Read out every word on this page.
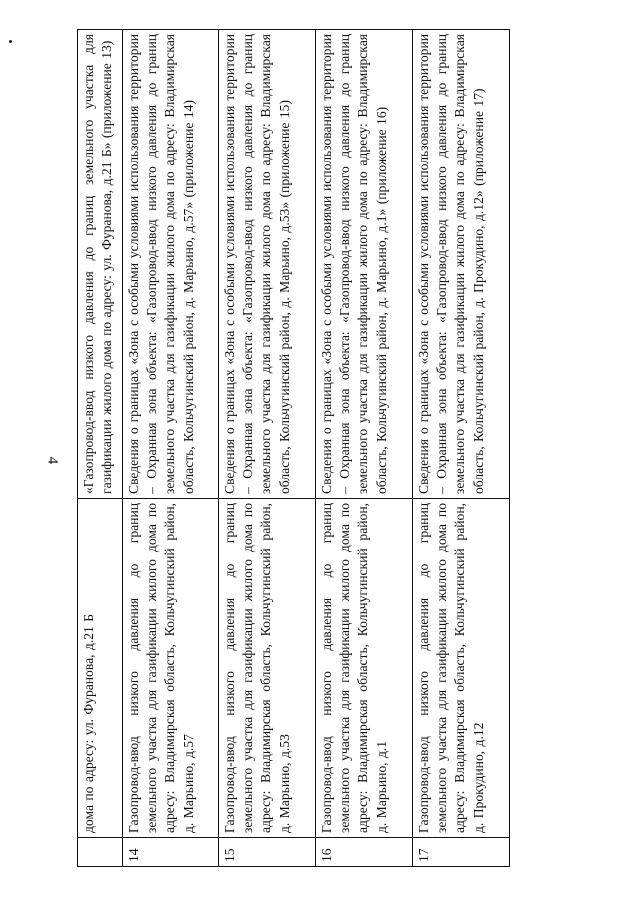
4
	дома по адресу: ул. Фуранова, д.21 Б	«Газопровод-ввод низкого давления до границ земельного участка для газификации жилого дома по адресу: ул. Фуранова, д.21 Б» (приложение 13)
14	Газопровод-ввод низкого давления до границ земельного участка для газификации жилого дома по адресу: Владимирская область, Кольчугинский район, д. Марьино, д.57	Сведения о границах «Зона с особыми условиями использования территории – Охранная зона объекта: «Газопровод-ввод низкого давления до границ земельного участка для газификации жилого дома по адресу: Владимирская область, Кольчугинский район, д. Марьино, д.57» (приложение 14)
15	Газопровод-ввод низкого давления до границ земельного участка для газификации жилого дома по адресу: Владимирская область, Кольчугинский район, д. Марьино, д.53	Сведения о границах «Зона с особыми условиями использования территории – Охранная зона объекта: «Газопровод-ввод низкого давления до границ земельного участка для газификации жилого дома по адресу: Владимирская область, Кольчугинский район, д. Марьино, д.53» (приложение 15)
16	Газопровод-ввод низкого давления до границ земельного участка для газификации жилого дома по адресу: Владимирская область, Кольчугинский район, д. Марьино, д.1	Сведения о границах «Зона с особыми условиями использования территории – Охранная зона объекта: «Газопровод-ввод низкого давления до границ земельного участка для газификации жилого дома по адресу: Владимирская область, Кольчугинский район, д. Марьино, д.1» (приложение 16)
17	Газопровод-ввод низкого давления до границ земельного участка для газификации жилого дома по адресу: Владимирская область, Кольчугинский район, д. Прокудино, д.12	Сведения о границах «Зона с особыми условиями использования территории – Охранная зона объекта: «Газопровод-ввод низкого давления до границ земельного участка для газификации жилого дома по адресу: Владимирская область, Кольчугинский район, д. Прокудино, д.12» (приложение 17)
